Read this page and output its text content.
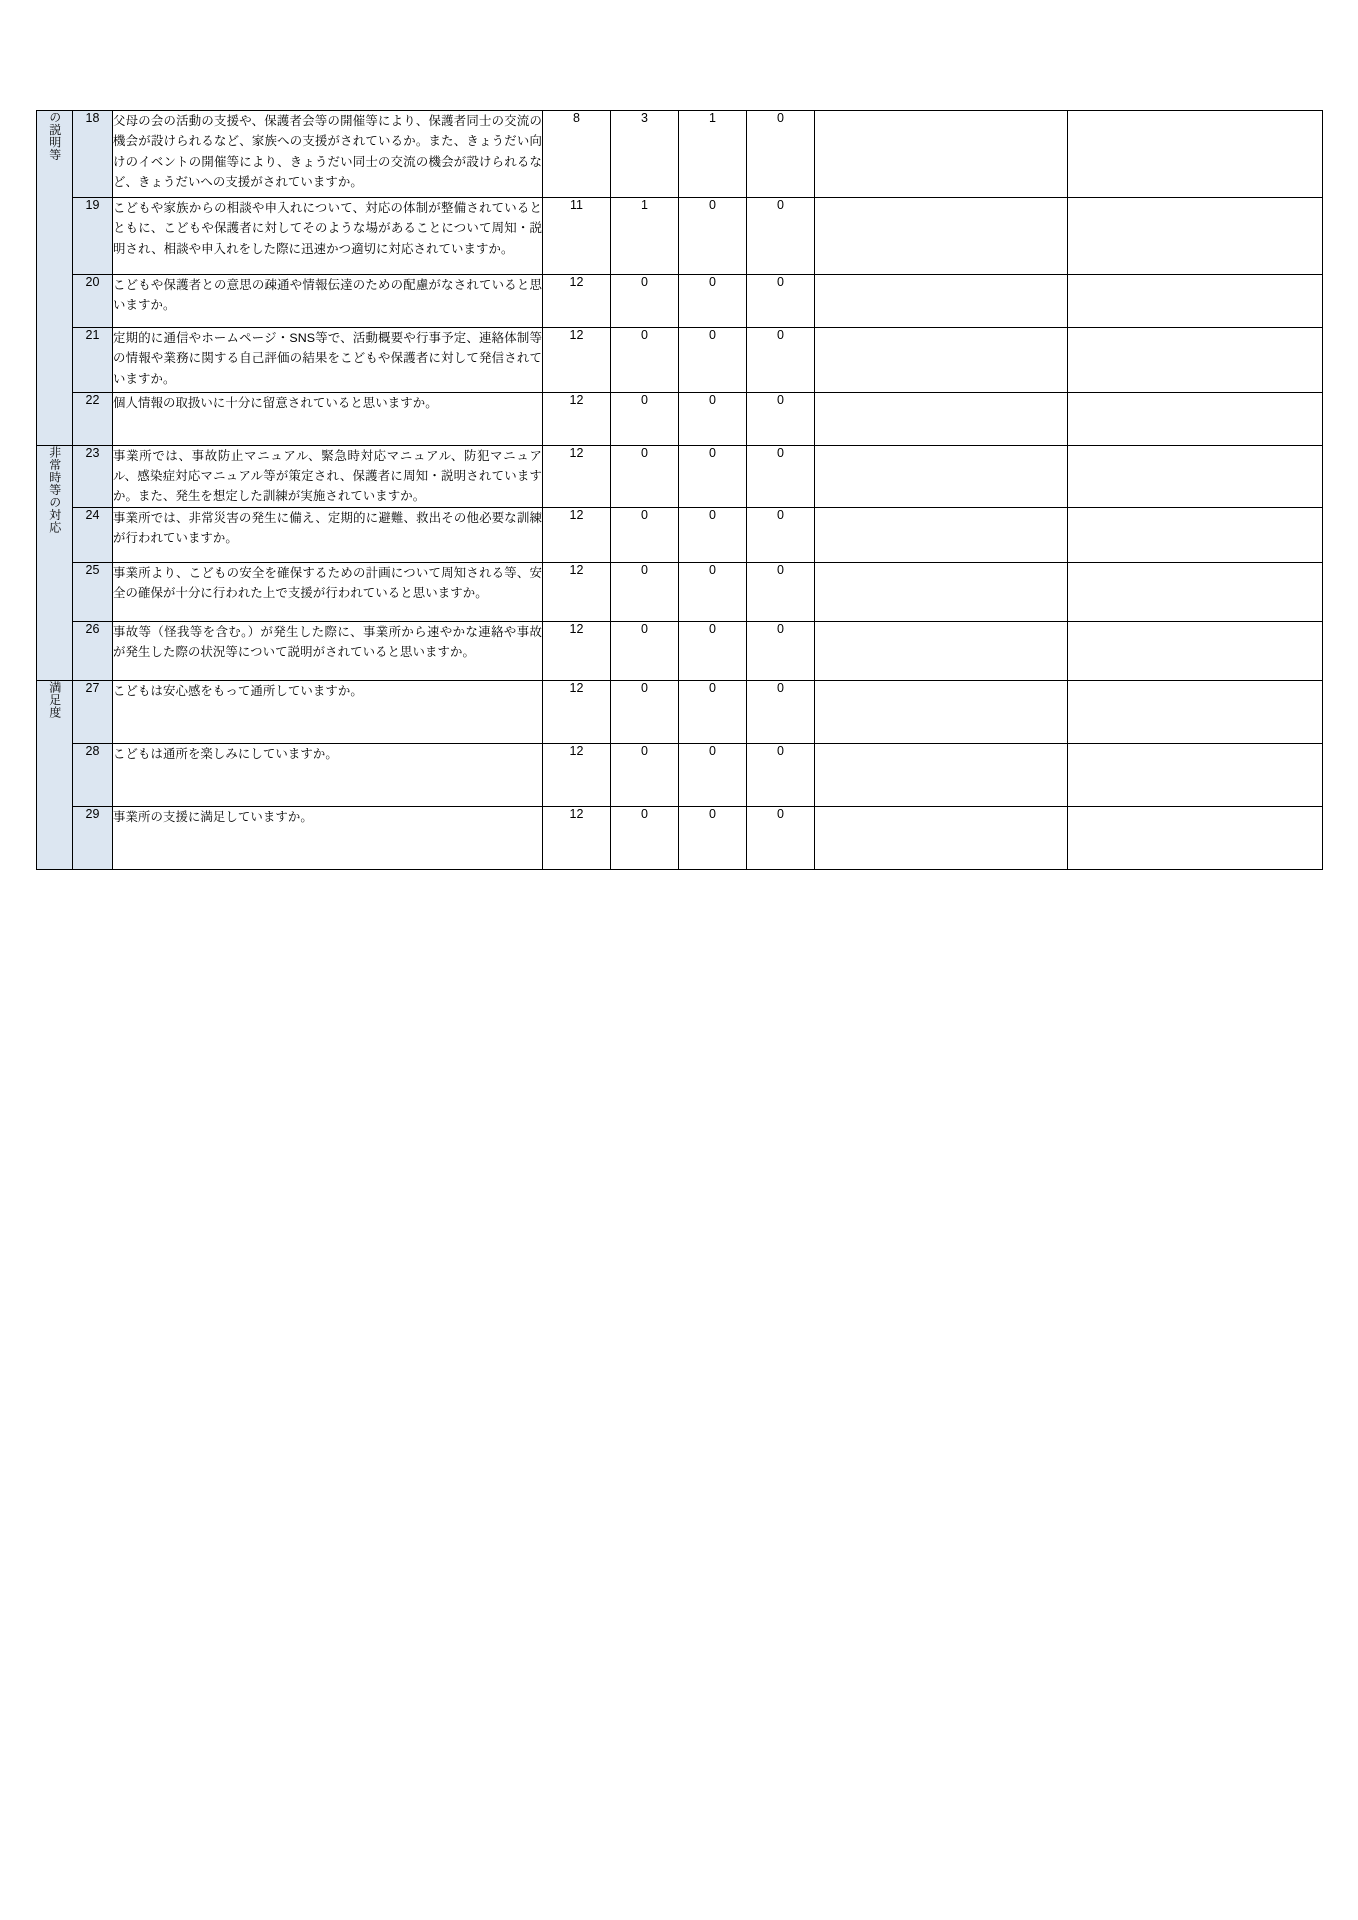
の説明等	18	父母の会の活動の支援や、保護者会等の開催等により、保護者同士の交流の機会が設けられるなど、家族への支援がされているか。また、きょうだい向けのイベントの開催等により、きょうだい同士の交流の機会が設けられるなど、きょうだいへの支援がされていますか。	8	3	1	0		
	19	こどもや家族からの相談や申入れについて、対応の体制が整備されているとともに、こどもや保護者に対してそのような場があることについて周知・説明され、相談や申入れをした際に迅速かつ適切に対応されていますか。	11	1	0	0		
	20	こどもや保護者との意思の疎通や情報伝達のための配慮がなされていると思いますか。	12	0	0	0		
	21	定期的に通信やホームページ・SNS等で、活動概要や行事予定、連絡体制等の情報や業務に関する自己評価の結果をこどもや保護者に対して発信されていますか。	12	0	0	0		
	22	個人情報の取扱いに十分に留意されていると思いますか。	12	0	0	0		
非常時等の対応	23	事業所では、事故防止マニュアル、緊急時対応マニュアル、防犯マニュアル、感染症対応マニュアル等が策定され、保護者に周知・説明されていますか。また、発生を想定した訓練が実施されていますか。	12	0	0	0		
	24	事業所では、非常災害の発生に備え、定期的に避難、救出その他必要な訓練が行われていますか。	12	0	0	0		
	25	事業所より、こどもの安全を確保するための計画について周知される等、安全の確保が十分に行われた上で支援が行われていると思いますか。	12	0	0	0		
	26	事故等（怪我等を含む。）が発生した際に、事業所から速やかな連絡や事故が発生した際の状況等について説明がされていると思いますか。	12	0	0	0		
満足度	27	こどもは安心感をもって通所していますか。	12	0	0	0		
	28	こどもは通所を楽しみにしていますか。	12	0	0	0		
	29	事業所の支援に満足していますか。	12	0	0	0		
